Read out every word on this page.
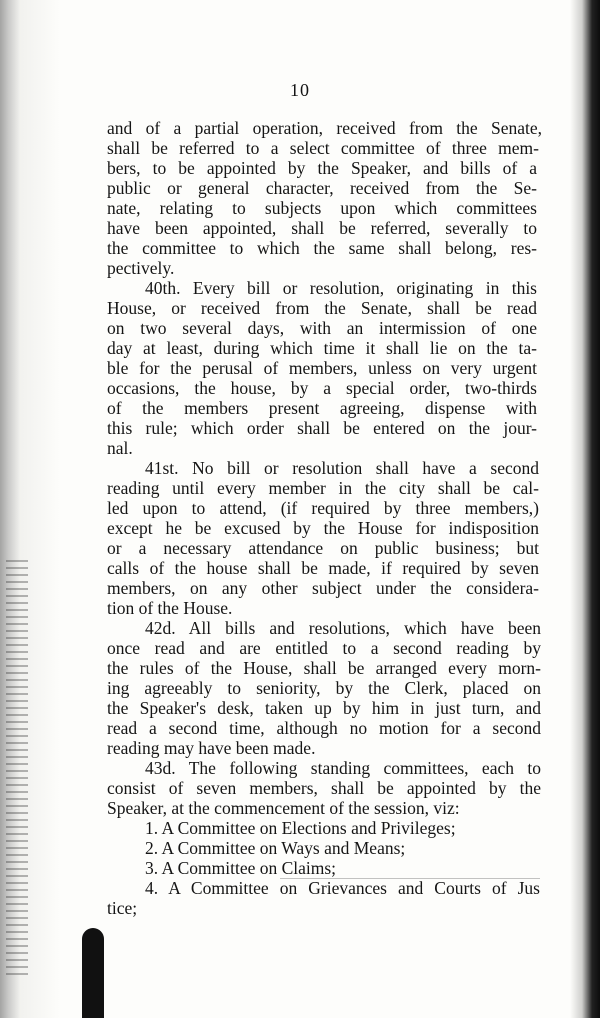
10
and of a partial operation, received from the Senate,
shall be referred to a select committee of three mem-
bers, to be appointed by the Speaker, and bills of a
public or general character, received from the Se-
nate, relating to subjects upon which committees
have been appointed, shall be referred, severally to
the committee to which the same shall belong, res-
pectively.
40th. Every bill or resolution, originating in this
House, or received from the Senate, shall be read
on two several days, with an intermission of one
day at least, during which time it shall lie on the ta-
ble for the perusal of members, unless on very urgent
occasions, the house, by a special order, two-thirds
of the members present agreeing, dispense with
this rule; which order shall be entered on the jour-
nal.
41st. No bill or resolution shall have a second
reading until every member in the city shall be cal-
led upon to attend, (if required by three members,)
except he be excused by the House for indisposition
or a necessary attendance on public business; but
calls of the house shall be made, if required by seven
members, on any other subject under the considera-
tion of the House.
42d. All bills and resolutions, which have been
once read and are entitled to a second reading by
the rules of the House, shall be arranged every morn-
ing agreeably to seniority, by the Clerk, placed on
the Speaker's desk, taken up by him in just turn, and
read a second time, although no motion for a second
reading may have been made.
43d. The following standing committees, each to
consist of seven members, shall be appointed by the
Speaker, at the commencement of the session, viz:
1. A Committee on Elections and Privileges;
2. A Committee on Ways and Means;
3. A Committee on Claims;
4. A Committee on Grievances and Courts of Jus
tice;
